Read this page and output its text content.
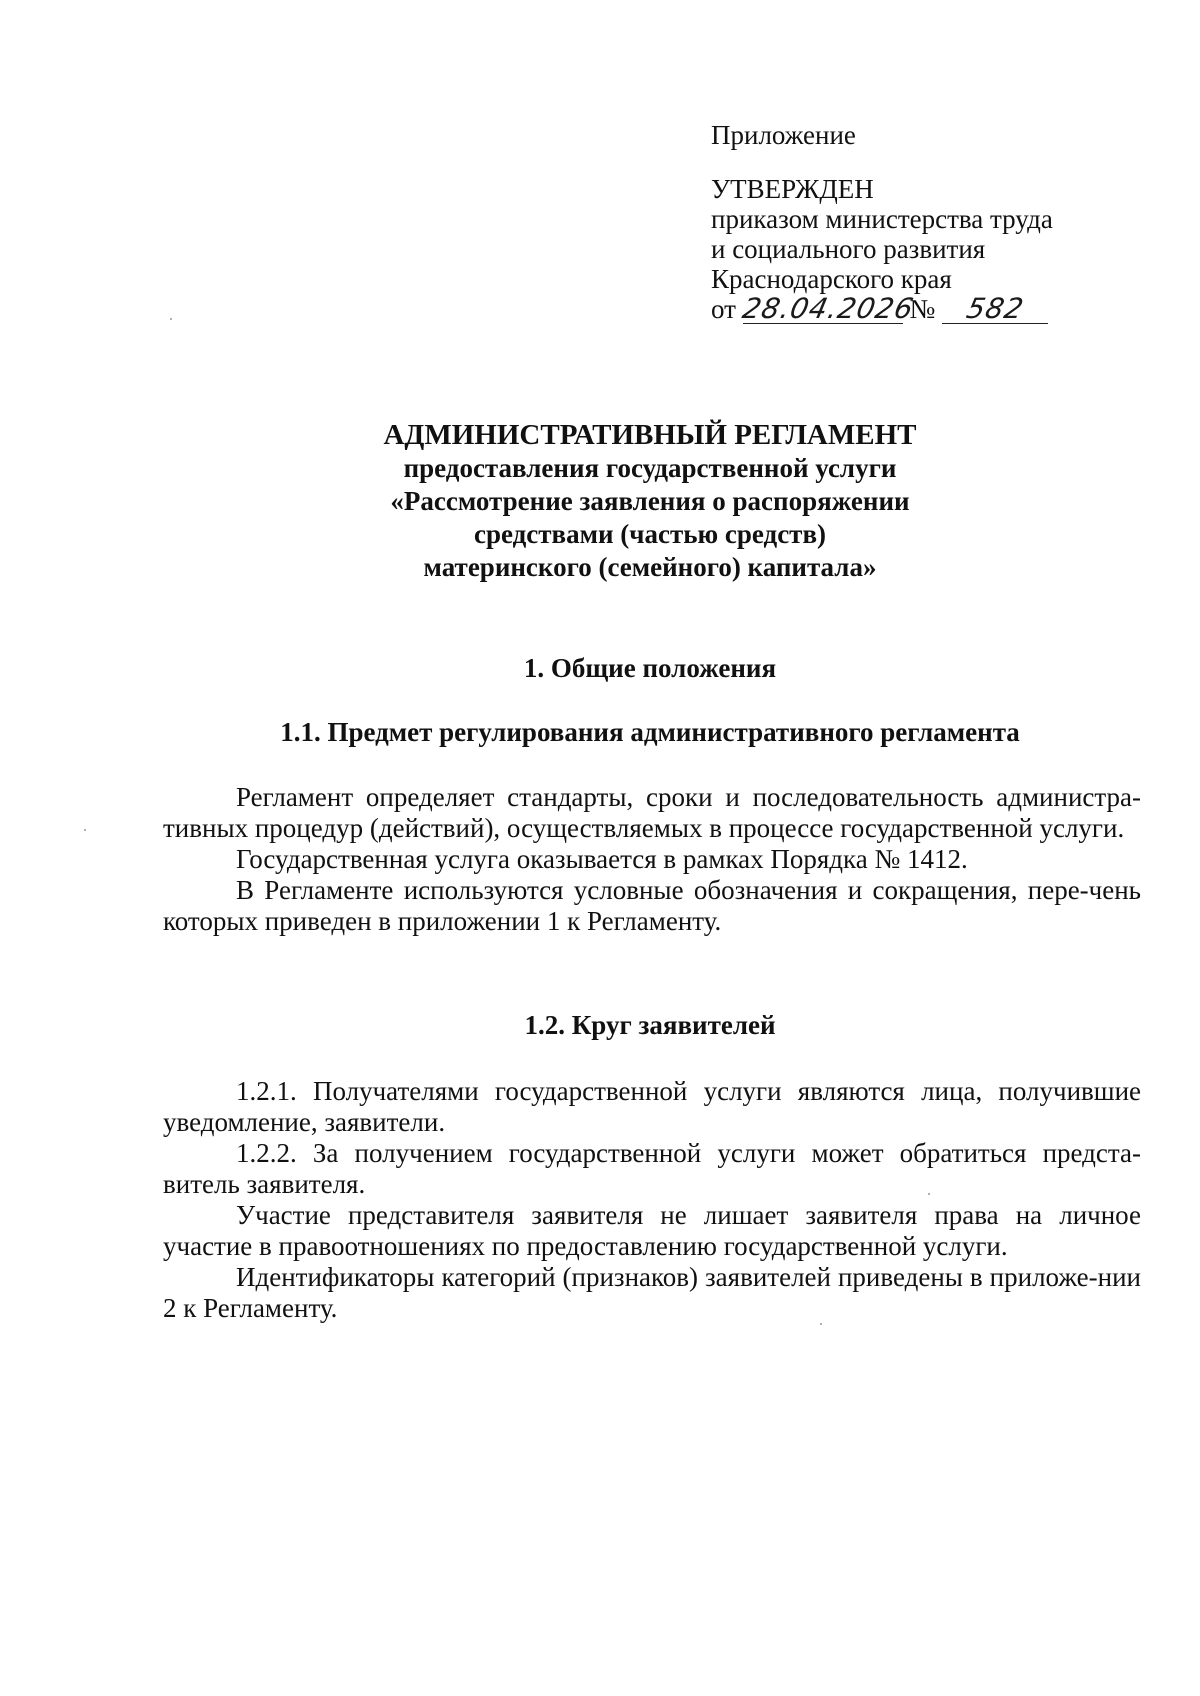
Приложение
УТВЕРЖДЕН
приказом министерства труда
и социального развития
Краснодарского края
от 28.04.2026 № 582
АДМИНИСТРАТИВНЫЙ РЕГЛАМЕНТ
предоставления государственной услуги
«Рассмотрение заявления о распоряжении
средствами (частью средств)
материнского (семейного) капитала»
1. Общие положения
1.1. Предмет регулирования административного регламента

Регламент определяет стандарты, сроки и последовательность администра-тивных процедур (действий), осуществляемых в процессе государственной услуги.

Государственная услуга оказывается в рамках Порядка № 1412.

В Регламенте используются условные обозначения и сокращения, пере-чень которых приведен в приложении 1 к Регламенту.

1.2. Круг заявителей

1.2.1. Получателями государственной услуги являются лица, получившие уведомление, заявители.

1.2.2. За получением государственной услуги может обратиться предста-витель заявителя.

Участие представителя заявителя не лишает заявителя права на личное участие в правоотношениях по предоставлению государственной услуги.

Идентификаторы категорий (признаков) заявителей приведены в приложе-нии 2 к Регламенту.
